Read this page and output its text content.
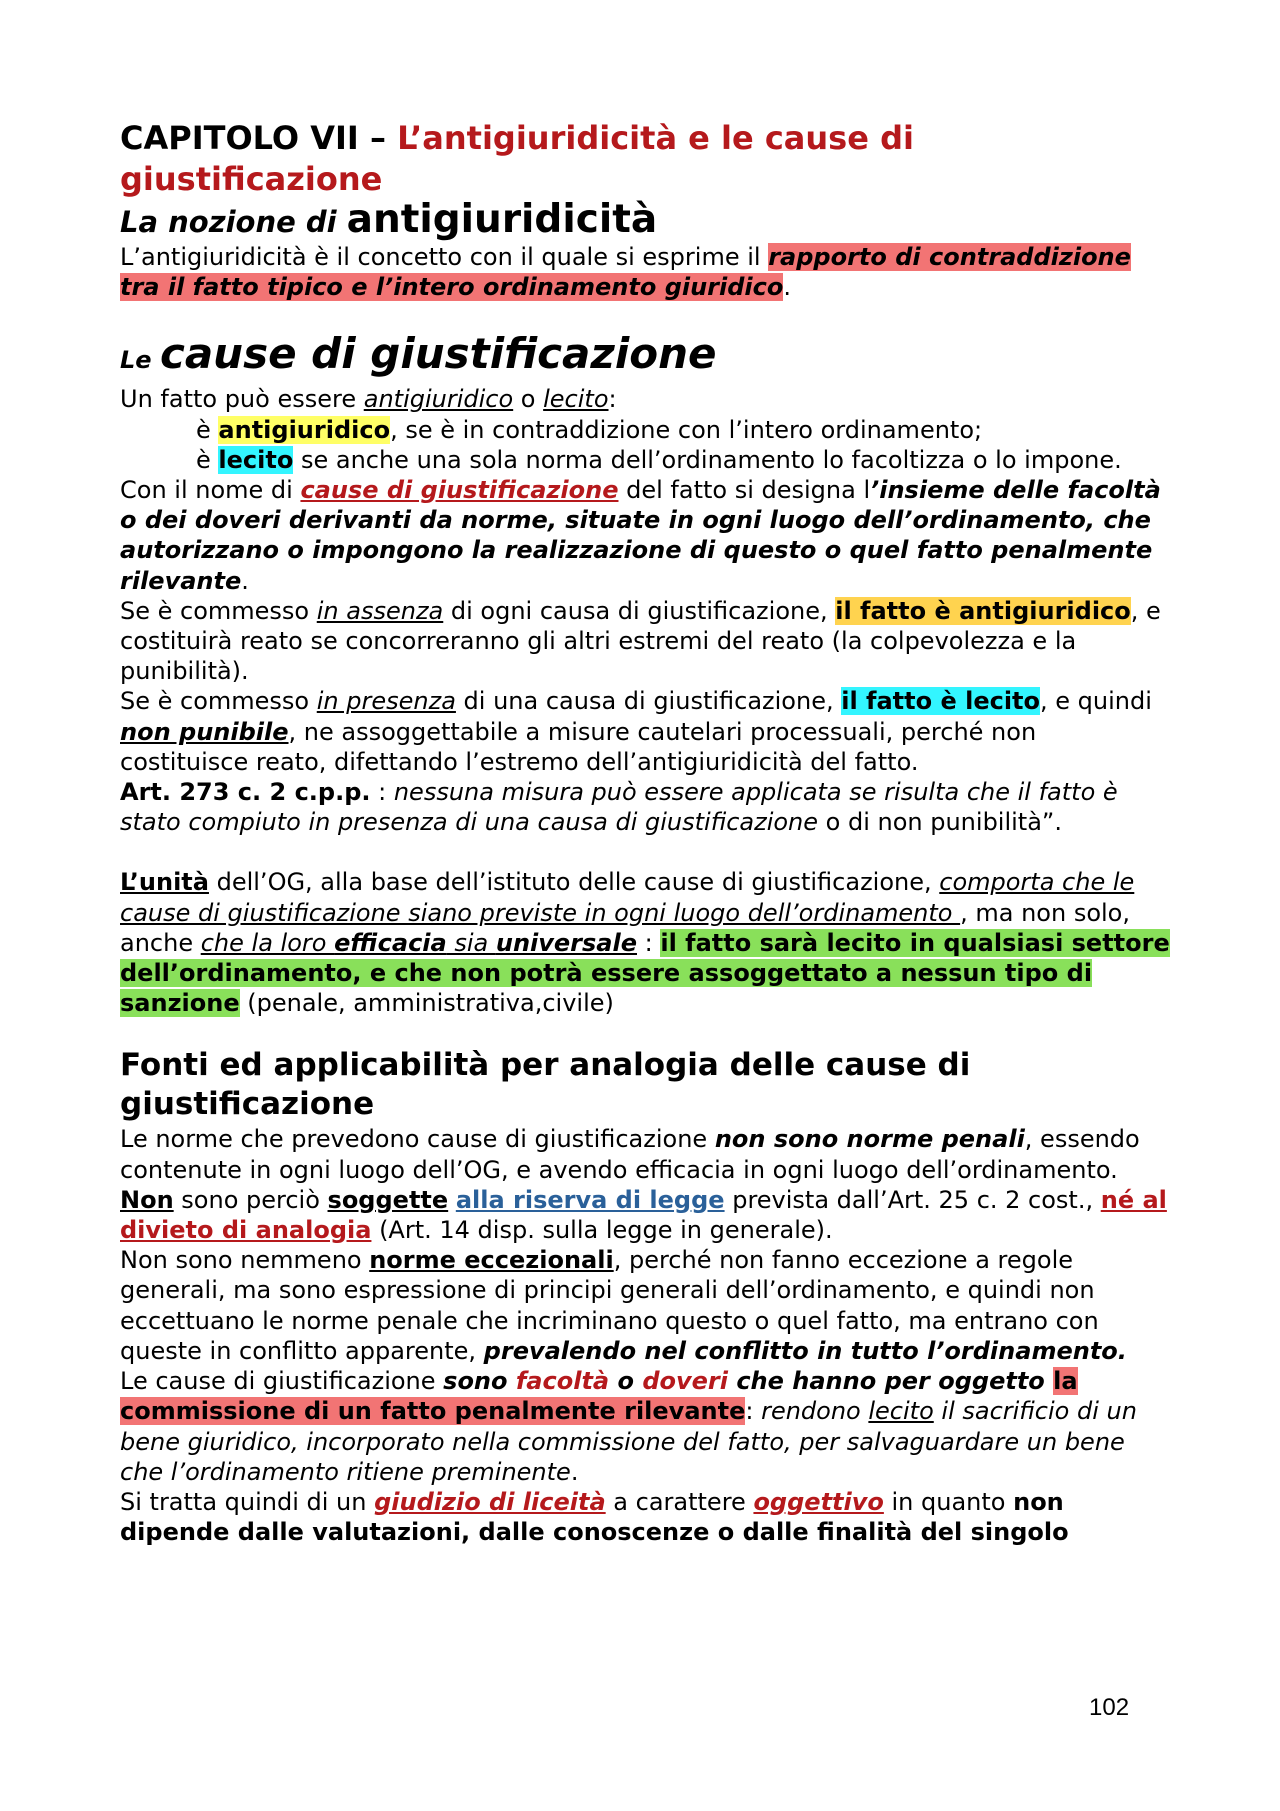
CAPITOLO VII – L’antigiuridicità e le cause di giustificazione
La nozione di antigiuridicità

L’antigiuridicità è il concetto con il quale si esprime il rapporto di contraddizione tra il fatto tipico e l’intero ordinamento giuridico.

Le cause di giustificazione

Un fatto può essere antigiuridico o lecito:

è antigiuridico, se è in contraddizione con l’intero ordinamento;

è lecito se anche una sola norma dell’ordinamento lo facoltizza o lo impone.

Con il nome di cause di giustificazione del fatto si designa l’insieme delle facoltà o dei doveri derivanti da norme, situate in ogni luogo dell’ordinamento, che autorizzano o impongono la realizzazione di questo o quel fatto penalmente rilevante.

Se è commesso in assenza di ogni causa di giustificazione, il fatto è antigiuridico, e costituirà reato se concorreranno gli altri estremi del reato (la colpevolezza e la punibilità).

Se è commesso in presenza di una causa di giustificazione, il fatto è lecito, e quindi non punibile, ne assoggettabile a misure cautelari processuali, perché non costituisce reato, difettando l’estremo dell’antigiuridicità del fatto.

Art. 273 c. 2 c.p.p. : nessuna misura può essere applicata se risulta che il fatto è stato compiuto in presenza di una causa di giustificazione o di non punibilità”.

L’unità dell’OG, alla base dell’istituto delle cause di giustificazione, comporta che le cause di giustificazione siano previste in ogni luogo dell’ordinamento , ma non solo, anche che la loro efficacia sia universale : il fatto sarà lecito in qualsiasi settore dell’ordinamento, e che non potrà essere assoggettato a nessun tipo di sanzione (penale, amministrativa,civile)

Fonti ed applicabilità per analogia delle cause di giustificazione

Le norme che prevedono cause di giustificazione non sono norme penali, essendo contenute in ogni luogo dell’OG, e avendo efficacia in ogni luogo dell’ordinamento.

Non sono perciò soggette alla riserva di legge prevista dall’Art. 25 c. 2 cost., né al divieto di analogia (Art. 14 disp. sulla legge in generale).

Non sono nemmeno norme eccezionali, perché non fanno eccezione a regole generali, ma sono espressione di principi generali dell’ordinamento, e quindi non eccettuano le norme penale che incriminano questo o quel fatto, ma entrano con queste in conflitto apparente, prevalendo nel conflitto in tutto l’ordinamento.

Le cause di giustificazione sono facoltà o doveri che hanno per oggetto la commissione di un fatto penalmente rilevante: rendono lecito il sacrificio di un bene giuridico, incorporato nella commissione del fatto, per salvaguardare un bene che l’ordinamento ritiene preminente.

Si tratta quindi di un giudizio di liceità a carattere oggettivo in quanto non dipende dalle valutazioni, dalle conoscenze o dalle finalità del singolo

102
